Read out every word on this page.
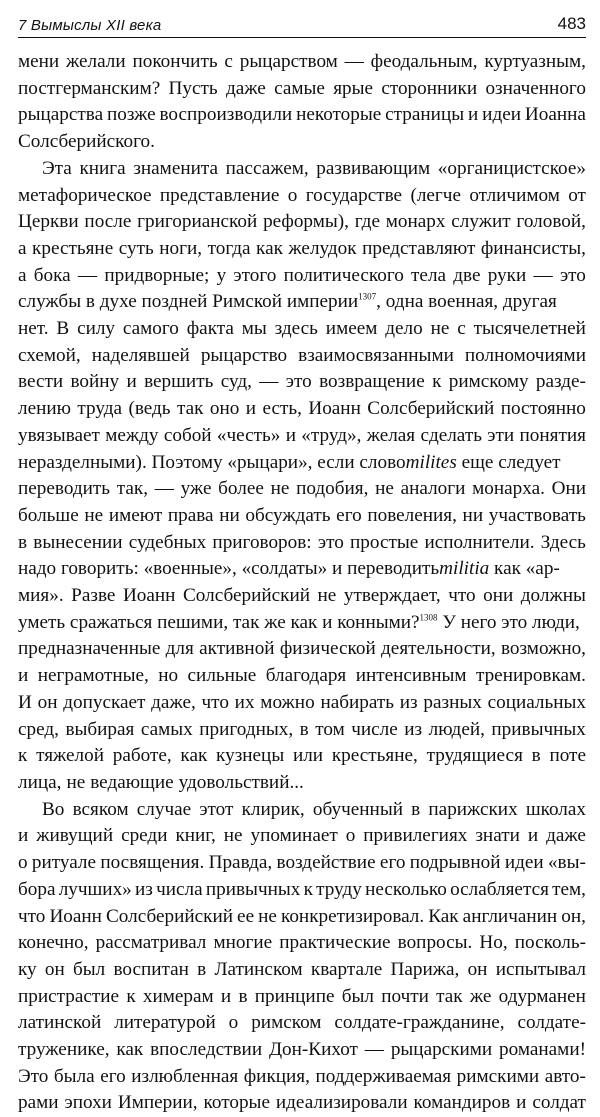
7 Вымыслы XII века	483
мени желали покончить с рыцарством — феодальным, куртуазным,
постгерманским? Пусть даже самые ярые сторонники означенного
рыцарства позже воспроизводили некоторые страницы и идеи Иоанна
Солсберийского.
Эта книга знаменита пассажем, развивающим «органицистское»
метафорическое представление о государстве (легче отличимом от
Церкви после григорианской реформы), где монарх служит головой,
а крестьяне суть ноги, тогда как желудок представляют финансисты,
а бока — придворные; у этого политического тела две руки — это
службы в духе поздней Римской империи$^{1307}$, одна военная, другая
нет. В силу самого факта мы здесь имеем дело не с тысячелетней
схемой, наделявшей рыцарство взаимосвязанными полномочиями
вести войну и вершить суд, — это возвращение к римскому разде-
лению труда (ведь так оно и есть, Иоанн Солсберийский постоянно
увязывает между собой «честь» и «труд», желая сделать эти понятия
неразделными). Поэтому «рыцари», если словоmilites еще следует
переводить так, — уже более не подобия, не аналоги монарха. Они
больше не имеют права ни обсуждать его повеления, ни участвовать
в вынесении судебных приговоров: это простые исполнители. Здесь
надо говорить: «военные», «солдаты» и переводитьmilitia как «ар-
мия». Разве Иоанн Солсберийский не утверждает, что они должны
уметь сражаться пешими, так же как и конными?$^{1308}$ У него это люди,
предназначенные для активной физической деятельности, возможно,
и неграмотные, но сильные благодаря интенсивным тренировкам.
И он допускает даже, что их можно набирать из разных социальных
сред, выбирая самых пригодных, в том числе из людей, привычных
к тяжелой работе, как кузнецы или крестьяне, трудящиеся в поте
лица, не ведающие удовольствий...
Во всяком случае этот клирик, обученный в парижских школах
и живущий среди книг, не упоминает о привилегиях знати и даже
о ритуале посвящения. Правда, воздействие его подрывной идеи «вы-
бора лучших» из числа привычных к труду несколько ослабляется тем,
что Иоанн Солсберийский ее не конкретизировал. Как англичанин он,
конечно, рассматривал многие практические вопросы. Но, посколь-
ку он был воспитан в Латинском квартале Парижа, он испытывал
пристрастие к химерам и в принципе был почти так же одурманен
латинской литературой о римском солдате-гражданине, солдате-
труженике, как впоследствии Дон-Кихот — рыцарскими романами!
Это была его излюбленная фикция, поддерживаемая римскими авто-
рами эпохи Империи, которые идеализировали командиров и солдат
